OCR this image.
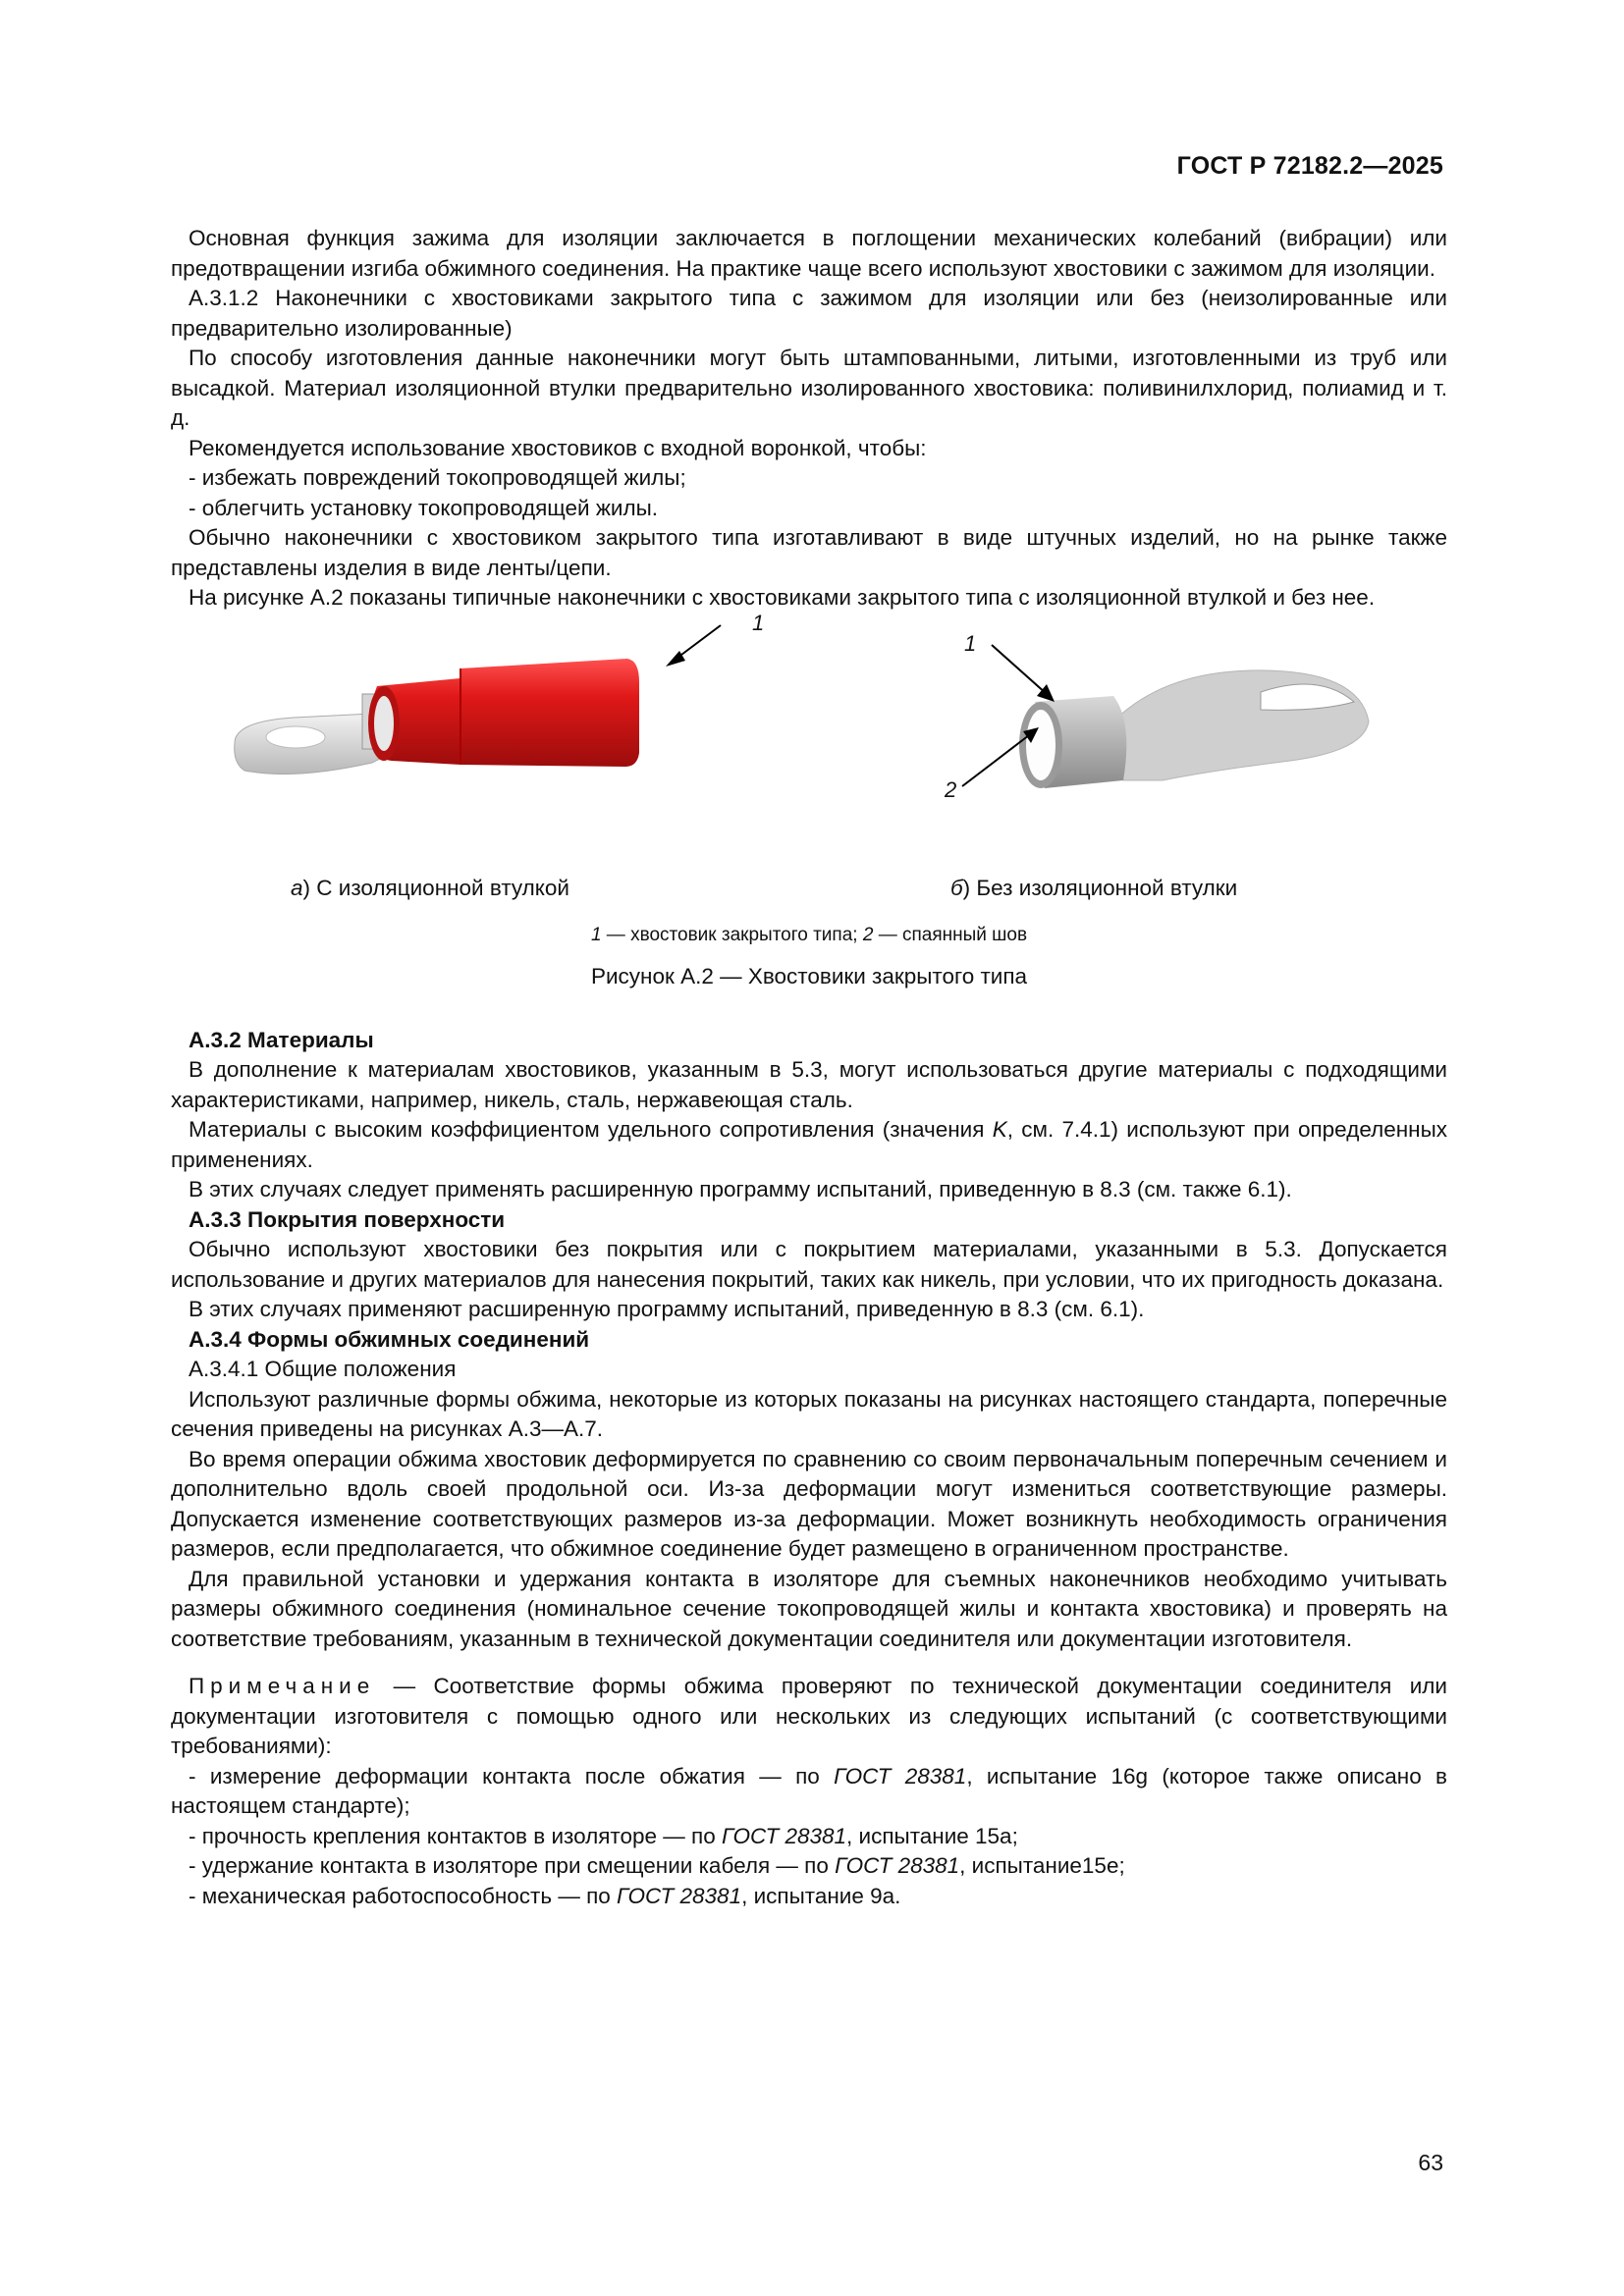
ГОСТ Р 72182.2—2025

Основная функция зажима для изоляции заключается в поглощении механических колебаний (вибрации) или предотвращении изгиба обжимного соединения. На практике чаще всего используют хвостовики с зажимом для изоляции.

А.3.1.2 Наконечники с хвостовиками закрытого типа с зажимом для изоляции или без (неизолированные или предварительно изолированные)

По способу изготовления данные наконечники могут быть штампованными, литыми, изготовленными из труб или высадкой. Материал изоляционной втулки предварительно изолированного хвостовика: поливинилхлорид, полиамид и т. д.

Рекомендуется использование хвостовиков с входной воронкой, чтобы:

- избежать повреждений токопроводящей жилы;

- облегчить установку токопроводящей жилы.

Обычно наконечники с хвостовиком закрытого типа изготавливают в виде штучных изделий, но на рынке также представлены изделия в виде ленты/цепи.

На рисунке А.2 показаны типичные наконечники с хвостовиками закрытого типа с изоляционной втулкой и без нее.

1
1
2
а) С изоляционной втулкой	б) Без изоляционной втулки
1 — хвостовик закрытого типа; 2 — спаянный шов
Рисунок А.2 — Хвостовики закрытого типа

А.3.2 Материалы

В дополнение к материалам хвостовиков, указанным в 5.3, могут использоваться другие материалы с подходящими характеристиками, например, никель, сталь, нержавеющая сталь.

Материалы с высоким коэффициентом удельного сопротивления (значения K, см. 7.4.1) используют при определенных применениях.

В этих случаях следует применять расширенную программу испытаний, приведенную в 8.3 (см. также 6.1).

А.3.3 Покрытия поверхности

Обычно используют хвостовики без покрытия или с покрытием материалами, указанными в 5.3. Допускается использование и других материалов для нанесения покрытий, таких как никель, при условии, что их пригодность доказана.

В этих случаях применяют расширенную программу испытаний, приведенную в 8.3 (см. 6.1).

А.3.4 Формы обжимных соединений

А.3.4.1 Общие положения

Используют различные формы обжима, некоторые из которых показаны на рисунках настоящего стандарта, поперечные сечения приведены на рисунках А.3—А.7.

Во время операции обжима хвостовик деформируется по сравнению со своим первоначальным поперечным сечением и дополнительно вдоль своей продольной оси. Из-за деформации могут измениться соответствующие размеры. Допускается изменение соответствующих размеров из-за деформации. Может возникнуть необходимость ограничения размеров, если предполагается, что обжимное соединение будет размещено в ограниченном пространстве.

Для правильной установки и удержания контакта в изоляторе для съемных наконечников необходимо учитывать размеры обжимного соединения (номинальное сечение токопроводящей жилы и контакта хвостовика) и проверять на соответствие требованиям, указанным в технической документации соединителя или документации изготовителя.

Примечание — Соответствие формы обжима проверяют по технической документации соединителя или документации изготовителя с помощью одного или нескольких из следующих испытаний (с соответствующими требованиями):

- измерение деформации контакта после обжатия — по ГОСТ 28381, испытание 16g (которое также описано в настоящем стандарте);

- прочность крепления контактов в изоляторе — по ГОСТ 28381, испытание 15a;

- удержание контакта в изоляторе при смещении кабеля — по ГОСТ 28381, испытание15e;

- механическая работоспособность — по ГОСТ 28381, испытание 9a.

63
